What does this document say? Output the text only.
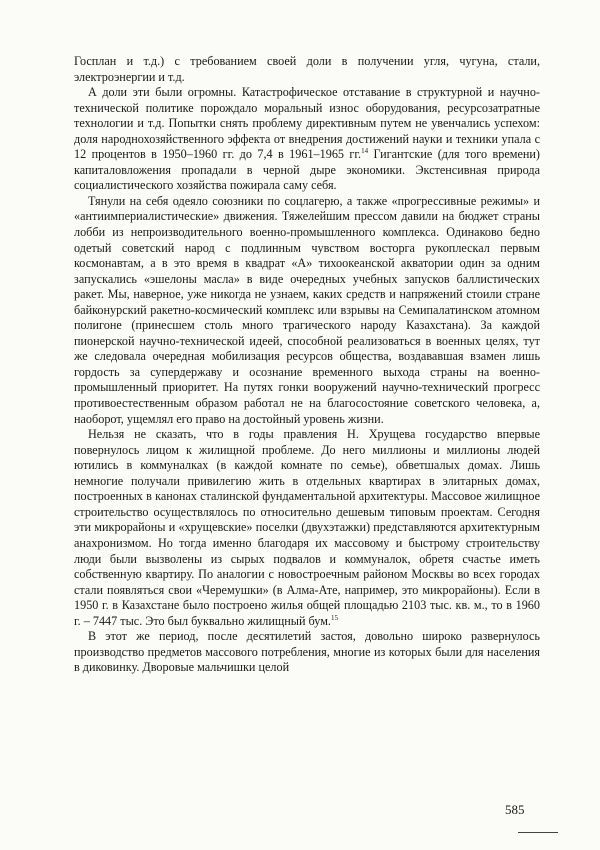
Госплан и т.д.) с требованием своей доли в получении угля, чугуна, стали, электроэнергии и т.д.

А доли эти были огромны. Катастрофическое отставание в структурной и научно-технической политике порождало моральный износ оборудования, ресурсозатратные технологии и т.д. Попытки снять проблему директивным путем не увенчались успехом: доля народнохозяйственного эффекта от внедрения достижений науки и техники упала с 12 процентов в 1950–1960 гг. до 7,4 в 1961–1965 гг.$^{14}$ Гигантские (для того времени) капиталовложения пропадали в черной дыре экономики. Экстенсивная природа социалистического хозяйства пожирала саму себя.

Тянули на себя одеяло союзники по соцлагерю, а также «прогрессивные режимы» и «антиимпериалистические» движения. Тяжелейшим прессом давили на бюджет страны лобби из непроизводительного военно-промышленного комплекса. Одинаково бедно одетый советский народ с подлинным чувством восторга рукоплескал первым космонавтам, а в это время в квадрат «А» тихоокеанской акватории один за одним запускались «эшелоны масла» в виде очередных учебных запусков баллистических ракет. Мы, наверное, уже никогда не узнаем, каких средств и напряжений стоили стране байконурский ракетно-космический комплекс или взрывы на Семипалатинском атомном полигоне (принесшем столь много трагического народу Казахстана). За каждой пионерской научно-технической идеей, способной реализоваться в военных целях, тут же следовала очередная мобилизация ресурсов общества, воздававшая взамен лишь гордость за супердержаву и осознание временного выхода страны на военно-промышленный приоритет. На путях гонки вооружений научно-технический прогресс противоестественным образом работал не на благосостояние советского человека, а, наоборот, ущемлял его право на достойный уровень жизни.

Нельзя не сказать, что в годы правления Н. Хрущева государство впервые повернулось лицом к жилищной проблеме. До него миллионы и миллионы людей ютились в коммуналках (в каждой комнате по семье), обветшалых домах. Лишь немногие получали привилегию жить в отдельных квартирах в элитарных домах, построенных в канонах сталинской фундаментальной архитектуры. Массовое жилищное строительство осуществлялось по относительно дешевым типовым проектам. Сегодня эти микрорайоны и «хрущевские» поселки (двухэтажки) представляются архитектурным анахронизмом. Но тогда именно благодаря их массовому и быстрому строительству люди были вызволены из сырых подвалов и коммуналок, обретя счастье иметь собственную квартиру. По аналогии с новостроечным районом Москвы во всех городах стали появляться свои «Черемушки» (в Алма-Ате, например, это микрорайоны). Если в 1950 г. в Казахстане было построено жилья общей площадью 2103 тыс. кв. м., то в 1960 г. – 7447 тыс. Это был буквально жилищный бум.$^{15}$

В этот же период, после десятилетий застоя, довольно широко развернулось производство предметов массового потребления, многие из которых были для населения в диковинку. Дворовые мальчишки целой

585
